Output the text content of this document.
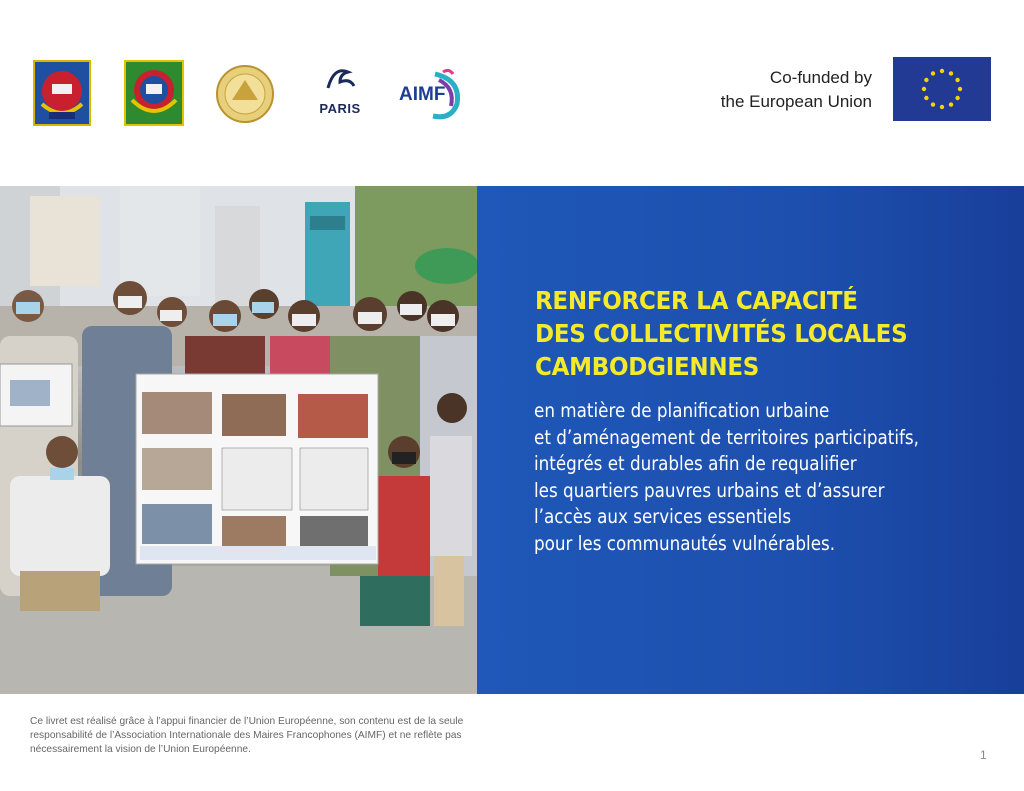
PARIS
AIMF
Co-funded by
the European Union
RENFORCER LA CAPACITÉ
DES COLLECTIVITÉS LOCALES
CAMBODGIENNES

en matière de planification urbaine
et d’aménagement de territoires participatifs,
intégrés et durables afin de requalifier
les quartiers pauvres urbains et d’assurer
l’accès aux services essentiels
pour les communautés vulnérables.

Ce livret est réalisé grâce à l’appui financier de l’Union Européenne, son contenu est de la seule responsabilité de l’Association Internationale des Maires Francophones (AIMF) et ne reflète pas nécessairement la vision de l’Union Européenne.	1
